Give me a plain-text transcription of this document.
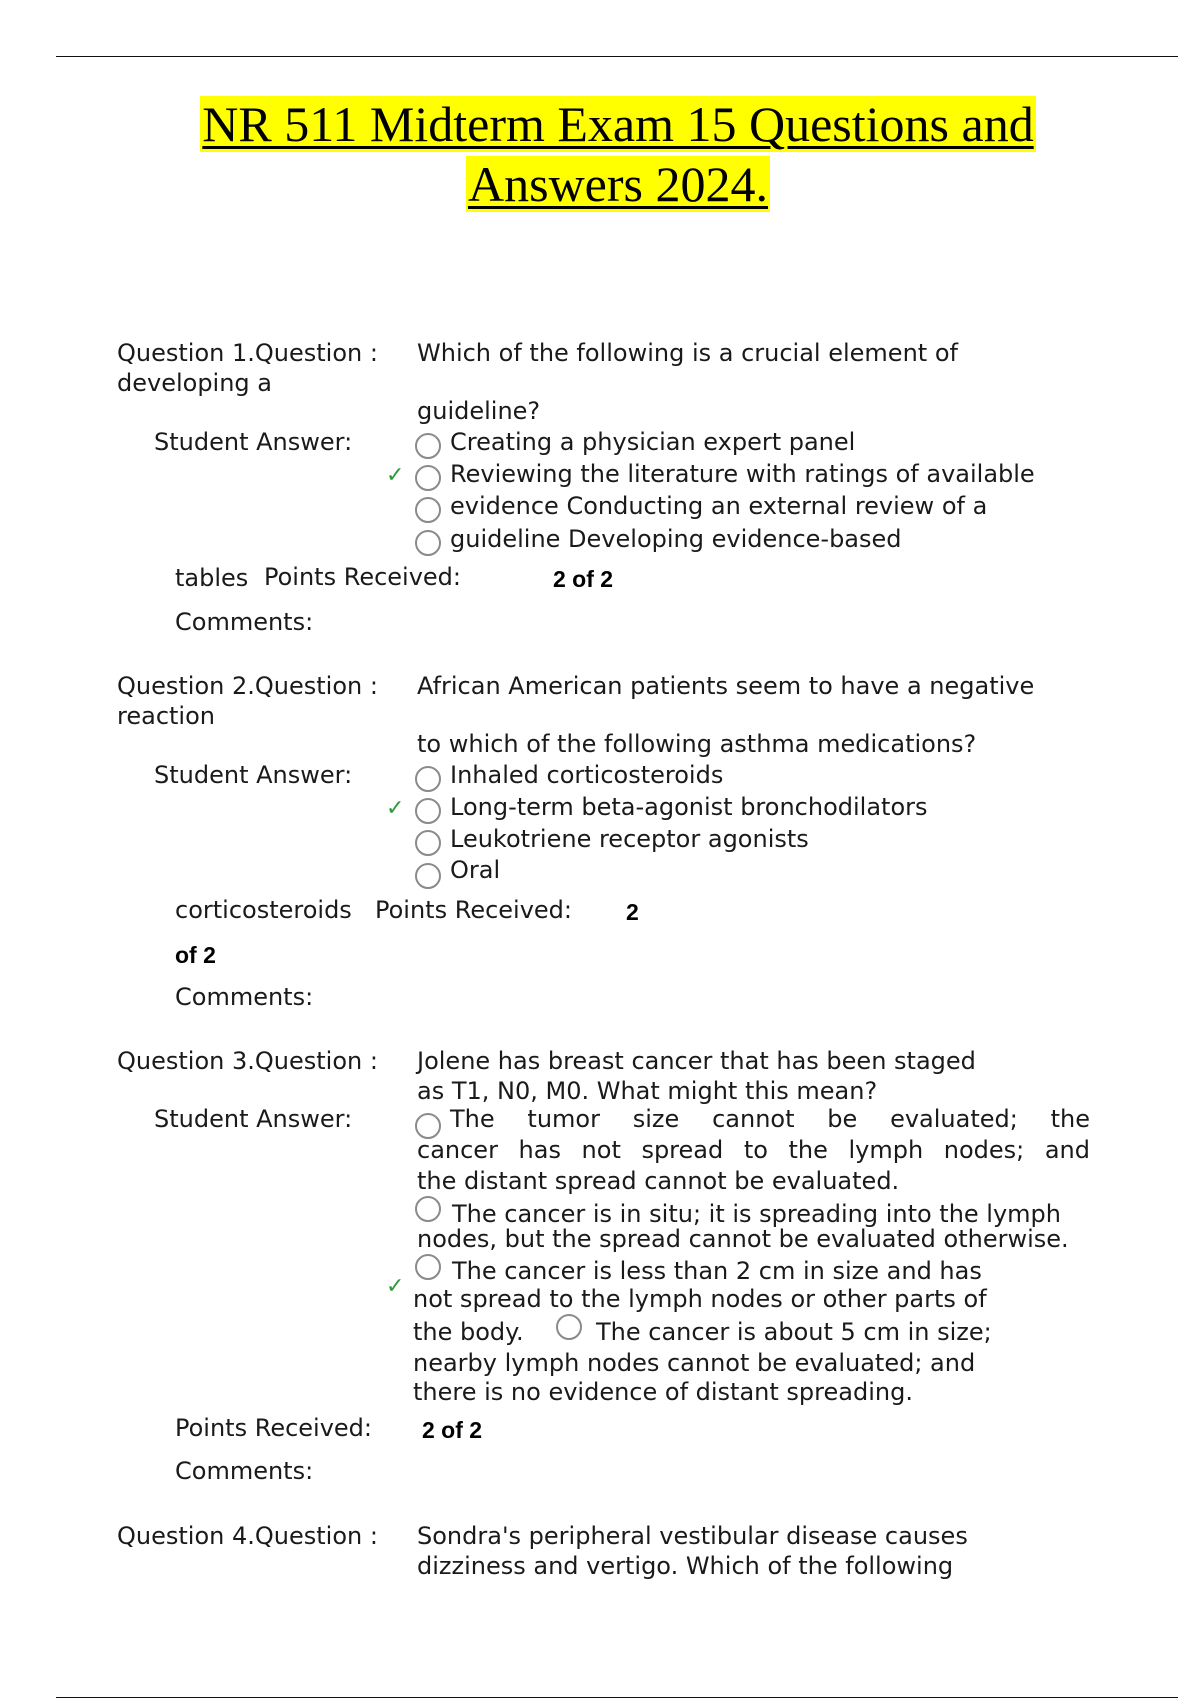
NR 511 Midterm Exam 15 Questions and
Answers 2024.
Question 1.Question : Which of the following is a crucial element of
developing a
guideline?
Student Answer:	Creating a physician expert panel
✓ Reviewing the literature with ratings of available
evidence Conducting an external review of a
guideline Developing evidence-based
tables Points Received:	2 of 2
Comments:
Question 2.Question : African American patients seem to have a negative
reaction
to which of the following asthma medications?
Student Answer:	Inhaled corticosteroids
✓ Long-term beta-agonist bronchodilators
Leukotriene receptor agonists
Oral
corticosteroids Points Received: 2
of 2
Comments:
Question 3.Question : Jolene has breast cancer that has been staged
as T1, N0, M0. What might this mean?
Student Answer:	The tumor size cannot be evaluated; the
cancer has not spread to the lymph nodes; and
the distant spread cannot be evaluated.
The cancer is in situ; it is spreading into the lymph
nodes, but the spread cannot be evaluated otherwise.
The cancer is less than 2 cm in size and has
✓ not spread to the lymph nodes or other parts of
the body.	The cancer is about 5 cm in size;
nearby lymph nodes cannot be evaluated; and
there is no evidence of distant spreading.
Points Received: 2 of 2
Comments:
Question 4.Question : Sondra's peripheral vestibular disease causes
dizziness and vertigo. Which of the following
